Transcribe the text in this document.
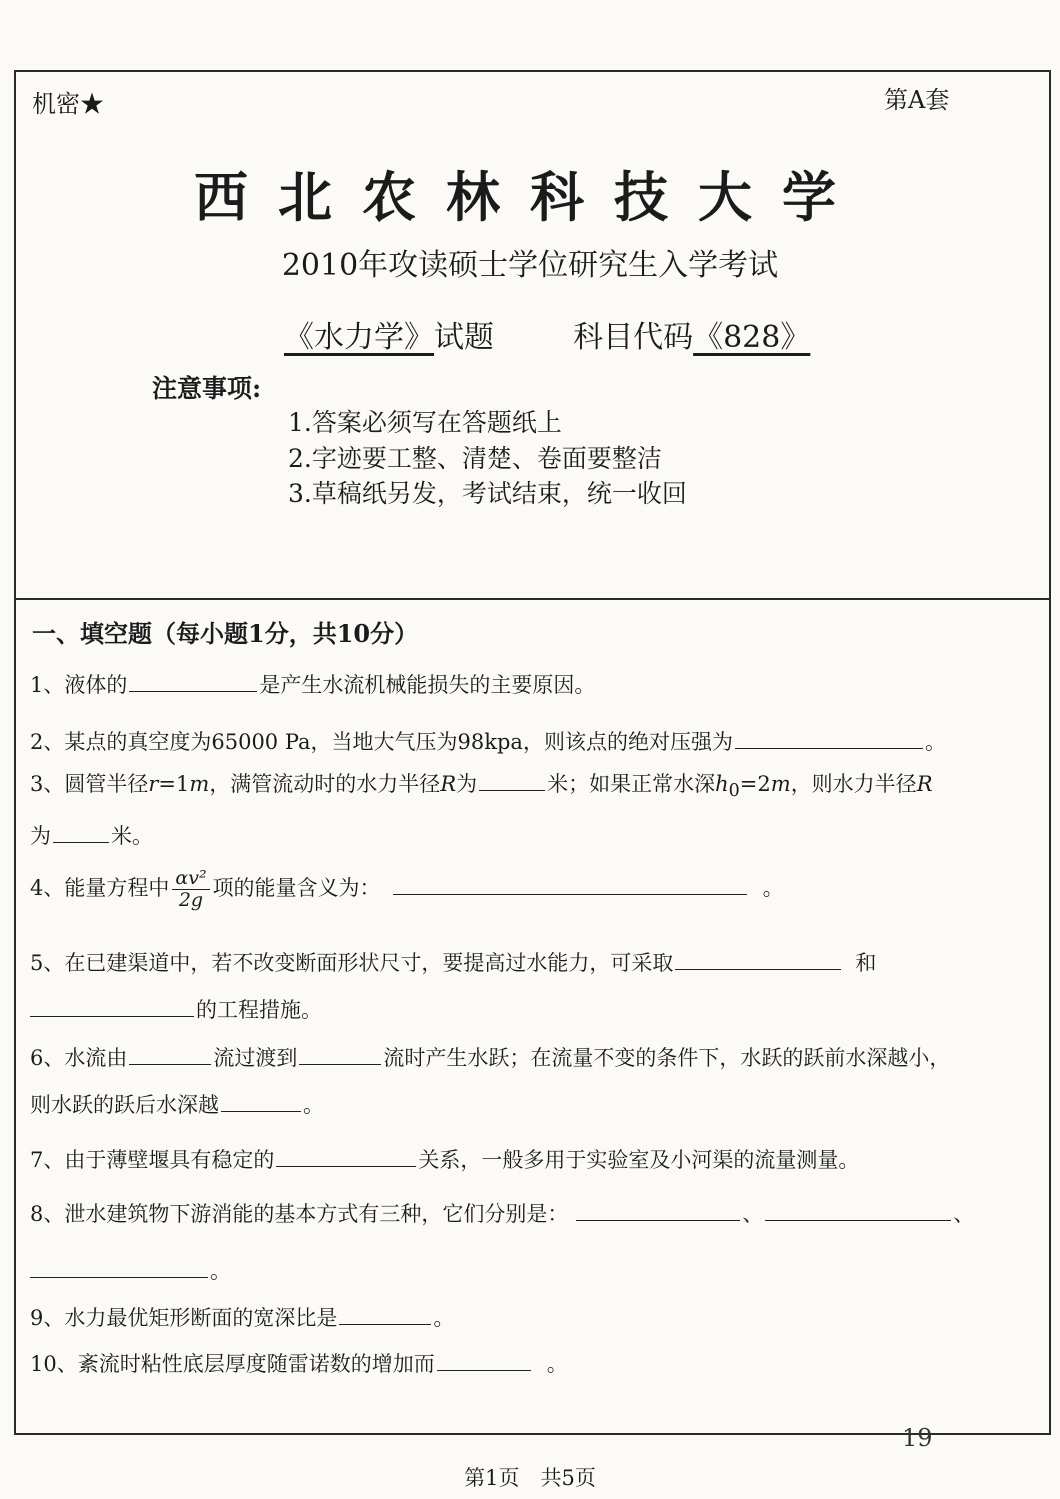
机密★	第A套
西北农林科技大学
2010年攻读硕士学位研究生入学考试
《水力学》试题	科目代码《828》
注意事项:
1.答案必须写在答题纸上
2.字迹要工整、清楚、卷面要整洁
3.草稿纸另发，考试结束，统一收回
一、填空题（每小题1分，共10分）
1、液体的	是产生水流机械能损失的主要原因。
2、某点的真空度为65000 Pa，当地大气压为98kpa，则该点的绝对压强为	。
3、圆管半径r=1m，满管流动时的水力半径R为	米；如果正常水深$h_0=2m$，则水力半径R
为	米。
4、能量方程中 $\frac{\text{αv²}}{2g}$ 项的能量含义为：	。
5、在已建渠道中，若不改变断面形状尺寸，要提高过水能力，可采取	和
的工程措施。
6、水流由	流过渡到	流时产生水跃；在流量不变的条件下，水跃的跃前水深越小，
则水跃的跃后水深越	。
7、由于薄壁堰具有稳定的	关系，一般多用于实验室及小河渠的流量测量。
8、泄水建筑物下游消能的基本方式有三种，它们分别是：	、	、
。
9、水力最优矩形断面的宽深比是	。
10、紊流时粘性底层厚度随雷诺数的增加而	。
19
第1页　共5页
